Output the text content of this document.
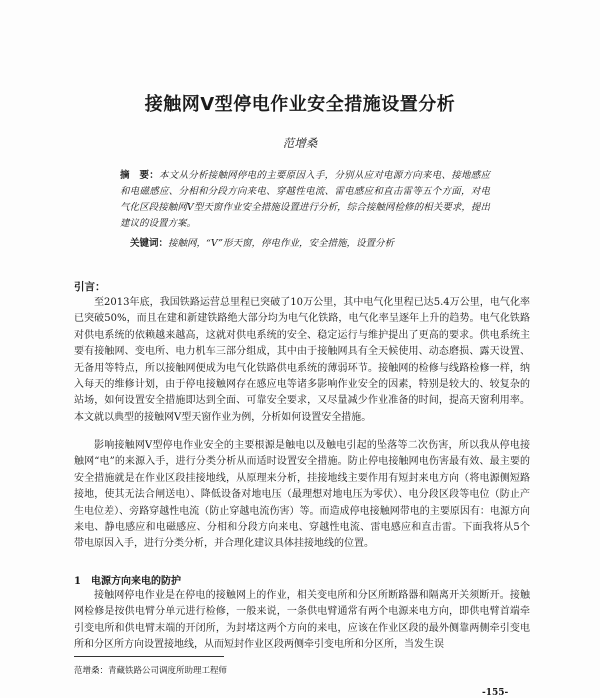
接触网V型停电作业安全措施设置分析
范增桑
摘　要：本文从分析接触网停电的主要原因入手，分别从应对电源方向来电、接地感应和电磁感应、分相和分段方向来电、穿越性电流、雷电感应和直击雷等五个方面，对电气化区段接触网V型天窗作业安全措施设置进行分析，综合接触网检修的相关要求，提出建议的设置方案。
关键词：接触网，“V”形天窗，停电作业，安全措施，设置分析
引言：

至2013年底，我国铁路运营总里程已突破了10万公里，其中电气化里程已达5.4万公里，电气化率已突破50%，而且在建和新建铁路绝大部分均为电气化铁路，电气化率呈逐年上升的趋势。电气化铁路对供电系统的依赖越来越高，这就对供电系统的安全、稳定运行与维护提出了更高的要求。供电系统主要有接触网、变电所、电力机车三部分组成，其中由于接触网具有全天候使用、动态磨损、露天设置、无备用等特点，所以接触网便成为电气化铁路供电系统的薄弱环节。接触网的检修与线路检修一样，纳入每天的维修计划，由于停电接触网存在感应电等诸多影响作业安全的因素，特别是较大的、较复杂的站场，如何设置安全措施即达到全面、可靠安全要求，又尽量减少作业准备的时间，提高天窗利用率。本文就以典型的接触网V型天窗作业为例，分析如何设置安全措施。

影响接触网V型停电作业安全的主要根源是触电以及触电引起的坠落等二次伤害，所以我从停电接触网“电”的来源入手，进行分类分析从而适时设置安全措施。防止停电接触网电伤害最有效、最主要的安全措施就是在作业区段挂接地线，从原理来分析，挂接地线主要作用有短封来电方向（将电源侧短路接地，使其无法合闸送电）、降低设备对地电压（最理想对地电压为零伏）、电分段区段等电位（防止产生电位差）、旁路穿越性电流（防止穿越电流伤害）等。而造成停电接触网带电的主要原因有：电源方向来电、静电感应和电磁感应、分相和分段方向来电、穿越性电流、雷电感应和直击雷。下面我将从5个带电原因入手，进行分类分析，并合理化建议具体挂接地线的位置。

1　电源方向来电的防护

接触网停电作业是在停电的接触网上的作业，相关变电所和分区所断路器和隔离开关须断开。接触网检修是按供电臂分单元进行检修，一般来说，一条供电臂通常有两个电源来电方向，即供电臂首端牵引变电所和供电臂末端的开闭所，为封堵这两个方向的来电，应该在作业区段的最外侧靠两侧牵引变电所和分区所方向设置接地线，从而短封作业区段两侧牵引变电所和分区所，当发生误

范增桑：青藏铁路公司调度所助理工程师
-155-
